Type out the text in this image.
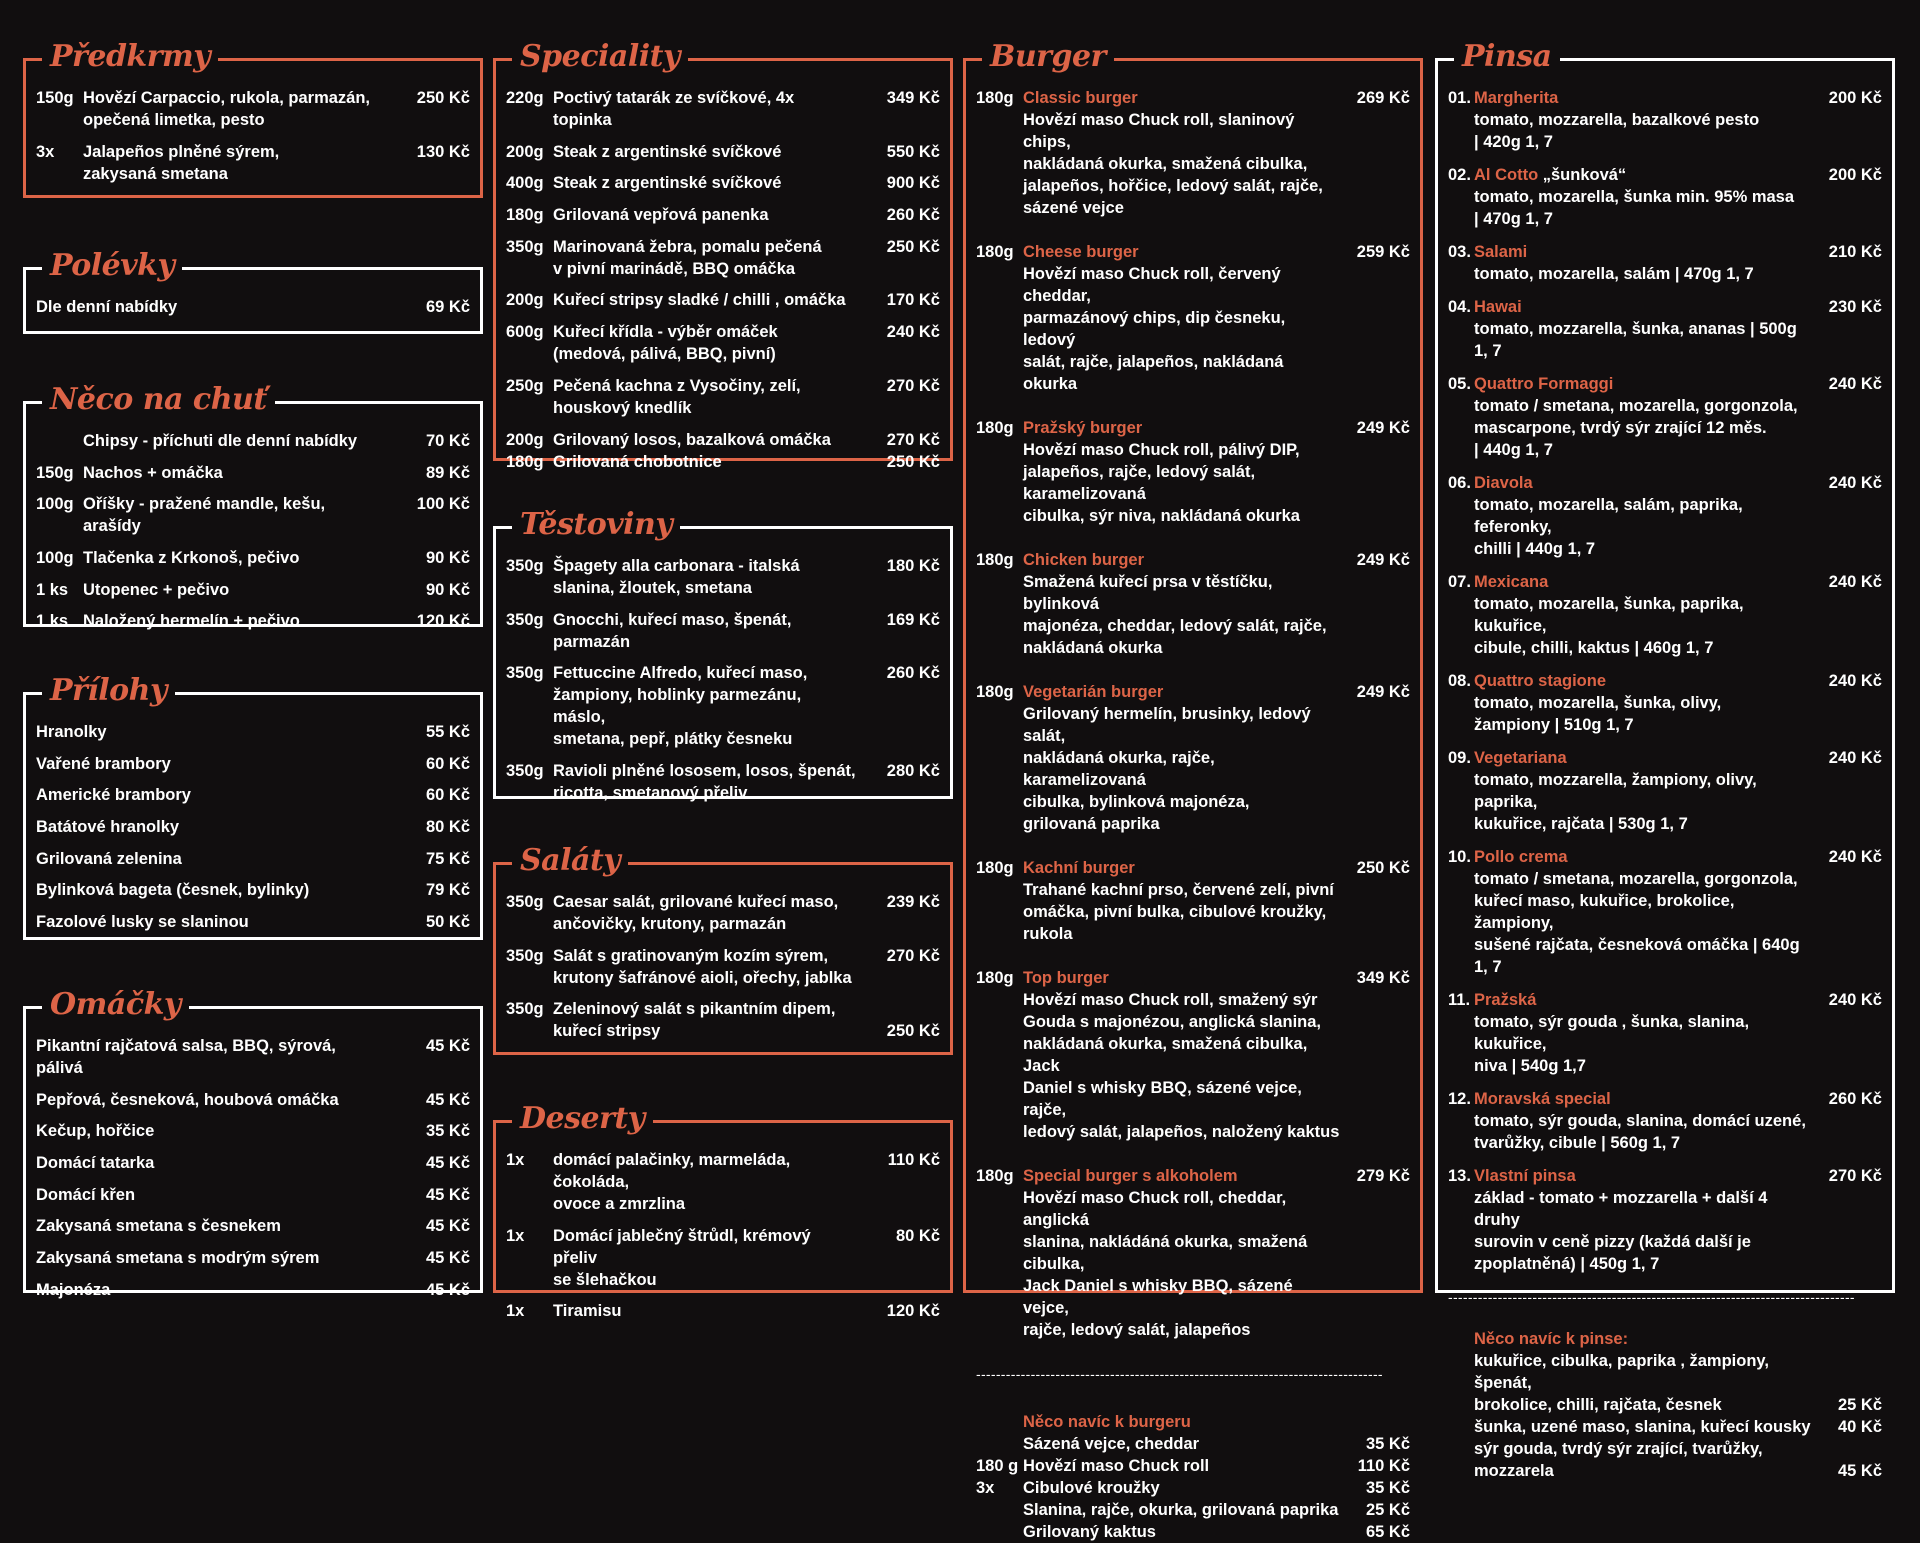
Předkrmy
150g Hovězí Carpaccio, rukola, parmazán,
opečená limetka, pesto
250 Kč
3x	Jalapeños plněné sýrem,
zakysaná smetana
130 Kč
Polévky
Dle denní nabídky	69 Kč
Něco na chuť
Chipsy - příchuti dle denní nabídky	70 Kč
150g Nachos + omáčka	89 Kč
100g Oříšky - pražené mandle, kešu, arašídy
100 Kč
100g Tlačenka z Krkonoš, pečivo	90 Kč
1 ks Utopenec + pečivo	90 Kč
1 ks Naložený hermelín + pečivo	120 Kč
Přílohy
Hranolky	55 Kč
Vařené brambory	60 Kč
Americké brambory	60 Kč
Batátové hranolky	80 Kč
Grilovaná zelenina	75 Kč
Bylinková bageta (česnek, bylinky)	79 Kč
Fazolové lusky se slaninou	50 Kč
Omáčky
Pikantní rajčatová salsa, BBQ, sýrová, pálivá
45 Kč
Pepřová, česneková, houbová omáčka	45 Kč
Kečup, hořčice	35 Kč
Domácí tatarka	45 Kč
Domácí křen	45 Kč
Zakysaná smetana s česnekem	45 Kč
Zakysaná smetana s modrým sýrem	45 Kč
Majonéza	45 Kč
Speciality
220g Poctivý tatarák ze svíčkové, 4x topinka
349 Kč
200g Steak z argentinské svíčkové	550 Kč
400g Steak z argentinské svíčkové	900 Kč
180g Grilovaná vepřová panenka	260 Kč
350g Marinovaná žebra, pomalu pečená
v pivní marinádě, BBQ omáčka
250 Kč
200g Kuřecí stripsy sladké / chilli , omáčka	170 Kč
600g Kuřecí křídla - výběr omáček
(medová, pálivá, BBQ, pivní)
240 Kč
250g Pečená kachna z Vysočiny, zelí,
houskový knedlík
270 Kč
200g Grilovaný losos, bazalková omáčka	270 Kč
180g Grilovaná chobotnice	250 Kč
Těstoviny
350g Špagety alla carbonara - italská
slanina, žloutek, smetana
180 Kč
350g Gnocchi, kuřecí maso, špenát,
parmazán
169 Kč
350g Fettuccine Alfredo, kuřecí maso,
žampiony, hoblinky parmezánu, máslo,
smetana, pepř, plátky česneku
260 Kč
350g Ravioli plněné lososem, losos, špenát,
ricotta, smetanový přeliv
280 Kč
Saláty
350g Caesar salát, grilované kuřecí maso,
ančovičky, krutony, parmazán
239 Kč
350g Salát s gratinovaným kozím sýrem,
krutony šafránové aioli, ořechy, jablka
270 Kč
350g Zeleninový salát s pikantním dipem,
kuřecí stripsy	250 Kč
Deserty
1x	domácí palačinky, marmeláda, čokoláda,
ovoce a zmrzlina
110 Kč
1x	Domácí jablečný štrůdl, krémový přeliv
se šlehačkou
80 Kč
1x	Tiramisu	120 Kč
Burger
180g Classic burger
Hovězí maso Chuck roll, slaninový chips,
nakládaná okurka, smažená cibulka,
jalapeños, hořčice, ledový salát, rajče,
sázené vejce
269 Kč
180g Cheese burger
Hovězí maso Chuck roll, červený cheddar,
parmazánový chips, dip česneku, ledový
salát, rajče, jalapeños, nakládaná okurka
259 Kč
180g Pražský burger
Hovězí maso Chuck roll, pálivý DIP,
jalapeños, rajče, ledový salát, karamelizovaná
cibulka, sýr niva, nakládaná okurka
249 Kč
180g Chicken burger
Smažená kuřecí prsa v těstíčku, bylinková
majonéza, cheddar, ledový salát, rajče,
nakládaná okurka
249 Kč
180g Vegetarián burger
Grilovaný hermelín, brusinky, ledový salát,
nakládaná okurka, rajče, karamelizovaná
cibulka, bylinková majonéza,
grilovaná paprika
249 Kč
180g Kachní burger
Trahané kachní prso, červené zelí, pivní
omáčka, pivní bulka, cibulové kroužky,
rukola
250 Kč
180g Top burger
Hovězí maso Chuck roll, smažený sýr
Gouda s majonézou, anglická slanina,
nakládaná okurka, smažená cibulka, Jack
Daniel s whisky BBQ, sázené vejce, rajče,
ledový salát, jalapeños, naložený kaktus
349 Kč
180g Special burger s alkoholem
Hovězí maso Chuck roll, cheddar, anglická
slanina, nakládáná okurka, smažená cibulka,
Jack Daniel s whisky BBQ, sázené vejce,
rajče, ledový salát, jalapeños
279 Kč
----------------------------------------------------------------------------------
Něco navíc k burgeru
Sázená vejce, cheddar	35 Kč
180 g Hovězí maso Chuck roll	110 Kč
3x	Cibulové kroužky	35 Kč
Slanina, rajče, okurka, grilovaná paprika	25 Kč
Grilovaný kaktus	65 Kč
Pinsa
01. Margherita
tomato, mozzarella, bazalkové pesto
| 420g 1, 7
200 Kč
02. Al Cotto „šunková“
tomato, mozarella, šunka min. 95% masa
| 470g 1, 7
200 Kč
03. Salami
tomato, mozarella, salám | 470g 1, 7
210 Kč
04. Hawai
tomato, mozzarella, šunka, ananas | 500g 1, 7
230 Kč
05. Quattro Formaggi
tomato / smetana, mozarella, gorgonzola,
mascarpone, tvrdý sýr zrající 12 měs.
| 440g 1, 7
240 Kč
06. Diavola
tomato, mozarella, salám, paprika, feferonky,
chilli | 440g 1, 7
240 Kč
07. Mexicana
tomato, mozarella, šunka, paprika, kukuřice,
cibule, chilli, kaktus | 460g 1, 7
240 Kč
08. Quattro stagione
tomato, mozarella, šunka, olivy,
žampiony | 510g 1, 7
240 Kč
09. Vegetariana
tomato, mozzarella, žampiony, olivy, paprika,
kukuřice, rajčata | 530g 1, 7
240 Kč
10. Pollo crema
tomato / smetana, mozarella, gorgonzola,
kuřecí maso, kukuřice, brokolice, žampiony,
sušené rajčata, česneková omáčka | 640g 1, 7
240 Kč
11. Pražská
tomato, sýr gouda , šunka, slanina, kukuřice,
niva | 540g 1,7
240 Kč
12. Moravská special
tomato, sýr gouda, slanina, domácí uzené,
tvarůžky, cibule | 560g 1, 7
260 Kč
13. Vlastní pinsa
základ - tomato + mozzarella + další 4 druhy
surovin v ceně pizzy (každá další je
zpoplatněná) | 450g 1, 7
270 Kč
----------------------------------------------------------------------------------
Něco navíc k pinse:
kukuřice, cibulka, paprika , žampiony, špenát,
brokolice, chilli, rajčata, česnek	25 Kč
šunka, uzené maso, slanina, kuřecí kousky	40 Kč
sýr gouda, tvrdý sýr zrající, tvarůžky,
mozzarela	45 Kč
